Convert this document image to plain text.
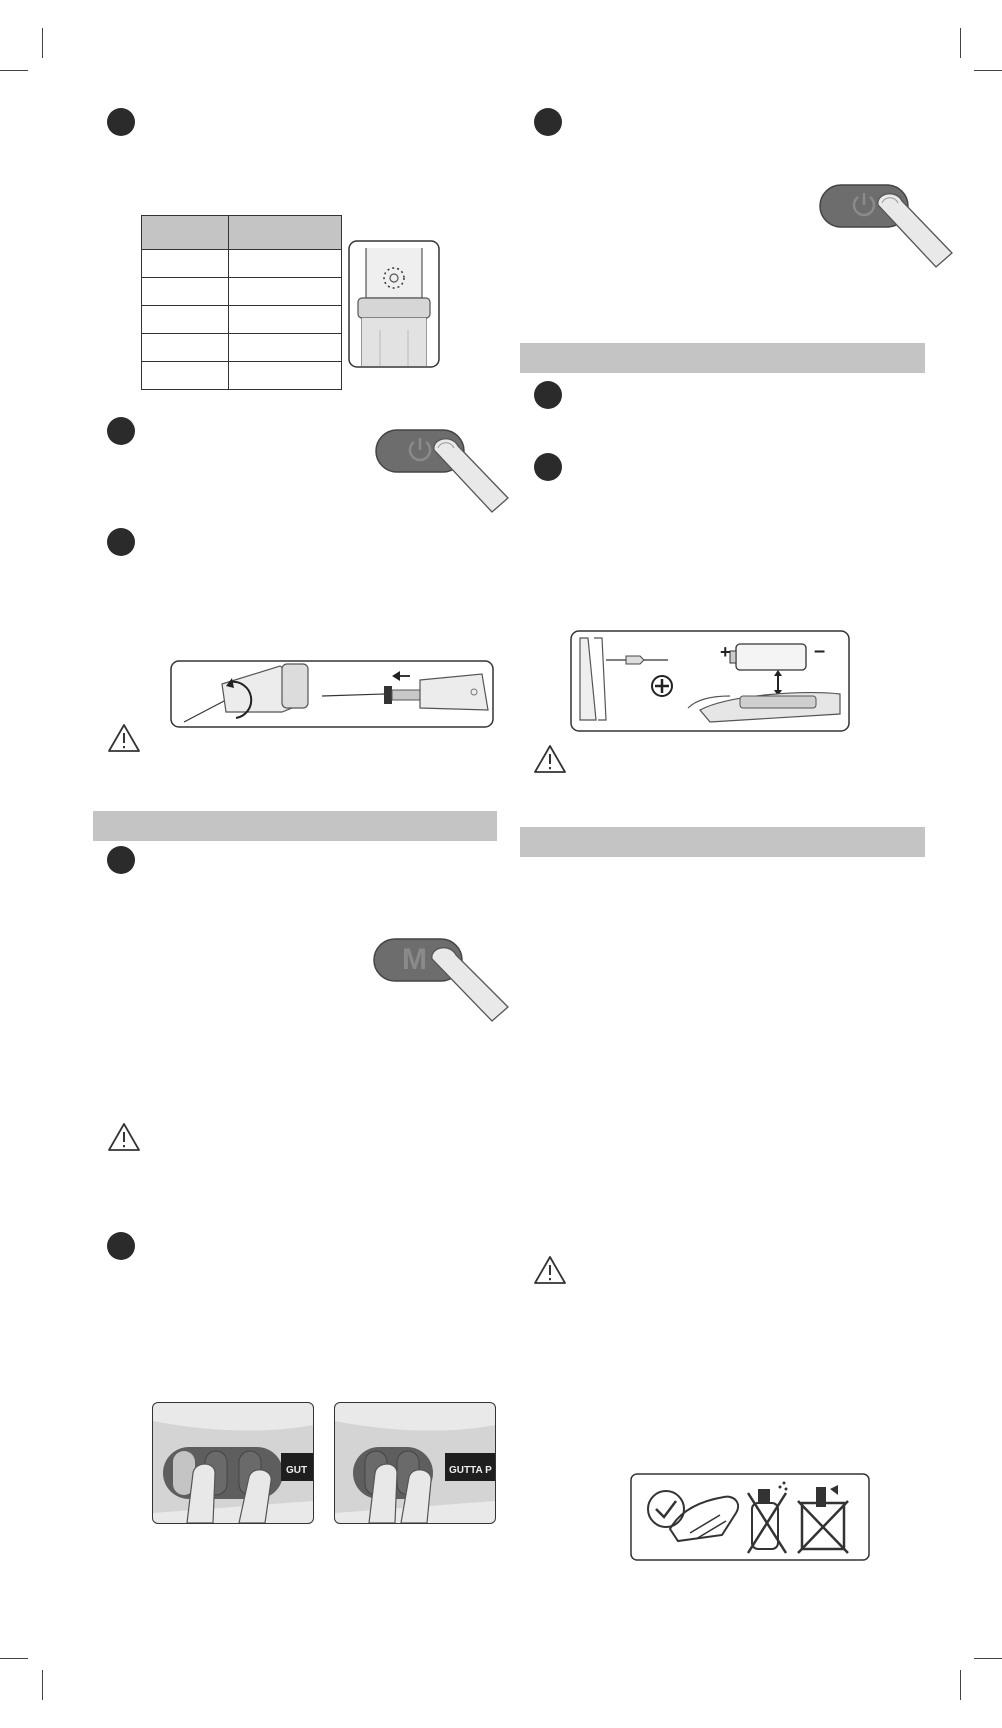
M
+	–
GUT	GUTTA P
